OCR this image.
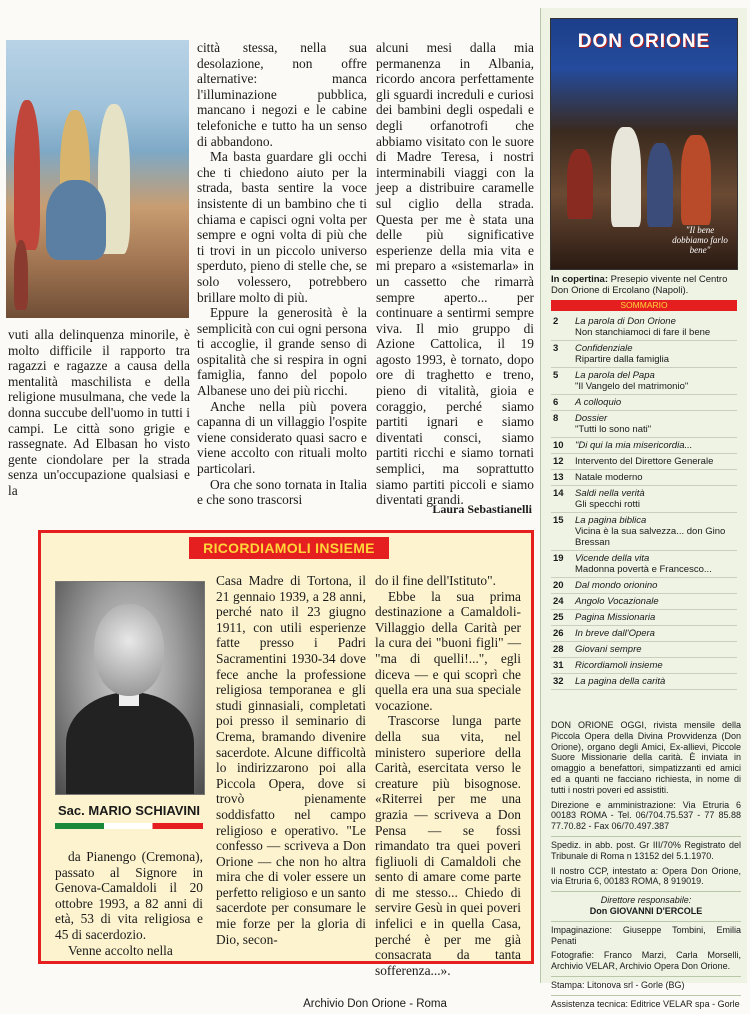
vuti alla delinquenza minorile, è molto difficile il rapporto tra ragazzi e ragazze a causa della mentalità maschilista e della religione musulmana, che vede la donna succube dell'uomo in tutti i campi. Le città sono grigie e rassegnate. Ad Elbasan ho visto gente ciondolare per la strada senza un'occupazione qualsiasi e la

città stessa, nella sua desolazione, non offre alternative: manca l'illuminazione pubblica, mancano i negozi e le cabine telefoniche e tutto ha un senso di abbandono.

Ma basta guardare gli occhi che ti chiedono aiuto per la strada, basta sentire la voce insistente di un bambino che ti chiama e capisci ogni volta per sempre e ogni volta di più che ti trovi in un piccolo universo sperduto, pieno di stelle che, se solo volessero, potrebbero brillare molto di più.

Eppure la generosità è la semplicità con cui ogni persona ti accoglie, il grande senso di ospitalità che si respira in ogni famiglia, fanno del popolo Albanese uno dei più ricchi.

Anche nella più povera capanna di un villaggio l'ospite viene considerato quasi sacro e viene accolto con rituali molto particolari.

Ora che sono tornata in Italia e che sono trascorsi

alcuni mesi dalla mia permanenza in Albania, ricordo ancora perfettamente gli sguardi increduli e curiosi dei bambini degli ospedali e degli orfanotrofi che abbiamo visitato con le suore di Madre Teresa, i nostri interminabili viaggi con la jeep a distribuire caramelle sul ciglio della strada. Questa per me è stata una delle più significative esperienze della mia vita e mi preparo a «sistemarla» in un cassetto che rimarrà sempre aperto... per continuare a sentirmi sempre viva. Il mio gruppo di Azione Cattolica, il 19 agosto 1993, è tornato, dopo ore di traghetto e treno, pieno di vitalità, gioia e coraggio, perché siamo partiti ignari e siamo diventati consci, siamo partiti ricchi e siamo tornati semplici, ma soprattutto siamo partiti piccoli e siamo diventati grandi.

Laura Sebastianelli
RICORDIAMOLI INSIEME
Sac. MARIO SCHIAVINI

da Pianengo (Cremona), passato al Signore in Genova-Camaldoli il 20 ottobre 1993, a 82 anni di età, 53 di vita religiosa e 45 di sacerdozio.

Venne accolto nella

Casa Madre di Tortona, il 21 gennaio 1939, a 28 anni, perché nato il 23 giugno 1911, con utili esperienze fatte presso i Padri Sacramentini 1930-34 dove fece anche la professione religiosa temporanea e gli studi ginnasiali, completati poi presso il seminario di Crema, bramando divenire sacerdote. Alcune difficoltà lo indirizzarono poi alla Piccola Opera, dove si trovò pienamente soddisfatto nel campo religioso e operativo. "Le confesso — scriveva a Don Orione — che non ho altra mira che di voler essere un perfetto religioso e un santo sacerdote per consumare le mie forze per la gloria di Dio, secon-

do il fine dell'Istituto".

Ebbe la sua prima destinazione a Camaldoli-Villaggio della Carità per la cura dei "buoni figli" — "ma di quelli!...", egli diceva — e qui scoprì che quella era una sua speciale vocazione.

Trascorse lunga parte della sua vita, nel ministero superiore della Carità, esercitata verso le creature più bisognose. «Riterrei per me una grazia — scriveva a Don Pensa — se fossi rimandato tra quei poveri figliuoli di Camaldoli che sento di amare come parte di me stesso... Chiedo di servire Gesù in quei poveri infelici e in quella Casa, perché è per me già consacrata da tanta sofferenza...».

DON ORIONE
"Il bene dobbiamo farlo bene"
In copertina: Presepio vivente nel Centro Don Orione di Ercolano (Napoli).
SOMMARIO
2	La parola di Don Orione
Non stanchiamoci di fare il bene
3	Confidenziale
Ripartire dalla famiglia
5	La parola del Papa
"Il Vangelo del matrimonio"
6	A colloquio
8	Dossier
"Tutti lo sono nati"
10	"Di qui la mia misericordia...
12	Intervento del Direttore Generale
13	Natale moderno
14	Saldi nella verità
Gli specchi rotti
15	La pagina biblica
Vicina è la sua salvezza... don Gino Bressan
19	Vicende della vita
Madonna povertà e Francesco...
20	Dal mondo orionino
24	Angolo Vocazionale
25	Pagina Missionaria
26	In breve dall'Opera
28	Giovani sempre
31	Ricordiamoli insieme
32	La pagina della carità

DON ORIONE OGGI, rivista mensile della Piccola Opera della Divina Provvidenza (Don Orione), organo degli Amici, Ex-allievi, Piccole Suore Missionarie della carità. È inviata in omaggio a benefattori, simpatizzanti ed amici ed a quanti ne facciano richiesta, in nome di tutti i nostri poveri ed assistiti.

Direzione e amministrazione: Via Etruria 6 00183 ROMA - Tel. 06/704.75.537 - 77 85.88 77.70.82 - Fax 06/70.497.387

Spediz. in abb. post. Gr III/70% Registrato del Tribunale di Roma n 13152 del 5.1.1970.

Il nostro CCP, intestato a: Opera Don Orione, via Etruria 6, 00183 ROMA, 8 919019.

Direttore responsabile:

Don GIOVANNI D'ERCOLE

Impaginazione: Giuseppe Tombini, Emilia Penati

Fotografie: Franco Marzi, Carla Morselli, Archivio VELAR, Archivio Opera Don Orione.

Stampa: Litonova srl - Gorle (BG)

Assistenza tecnica: Editrice VELAR spa - Gorle

Archivio Don Orione - Roma
